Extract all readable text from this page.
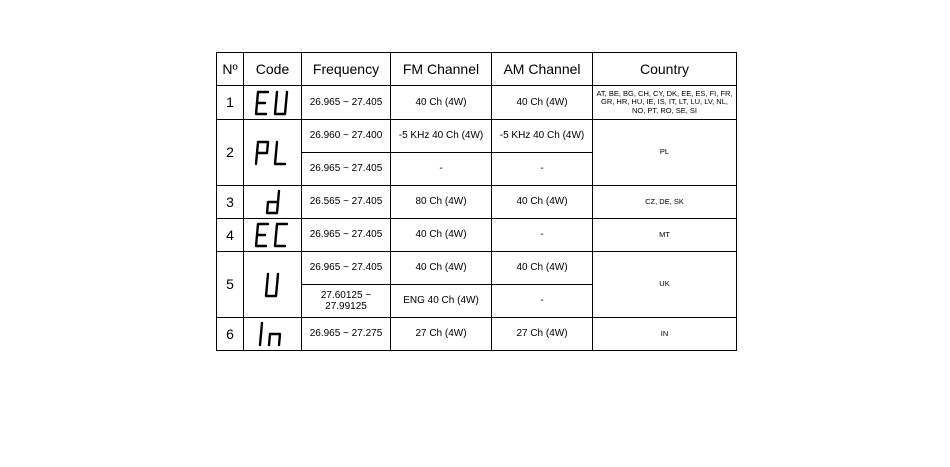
Nº	Code	Frequency	FM Channel	AM Channel	Country
1		26.965 ~ 27.405	40 Ch (4W)	40 Ch (4W)	AT, BE, BG, CH, CY, DK, EE, ES, FI, FR, GR, HR, HU, IE, IS, IT, LT, LU, LV, NL, NO, PT, RO, SE, SI
2		26.960 ~ 27.400	-5 KHz 40 Ch (4W)	-5 KHz 40 Ch (4W)	PL
		26.965 ~ 27.405	-	-	
3		26.565 ~ 27.405	80 Ch (4W)	40 Ch (4W)	CZ, DE, SK
4		26.965 ~ 27.405	40 Ch (4W)	-	MT
5		26.965 ~ 27.405	40 Ch (4W)	40 Ch (4W)	UK
		27.60125 ~ 27.99125	ENG 40 Ch (4W)	-	
6		26.965 ~ 27.275	27 Ch (4W)	27 Ch (4W)	IN
